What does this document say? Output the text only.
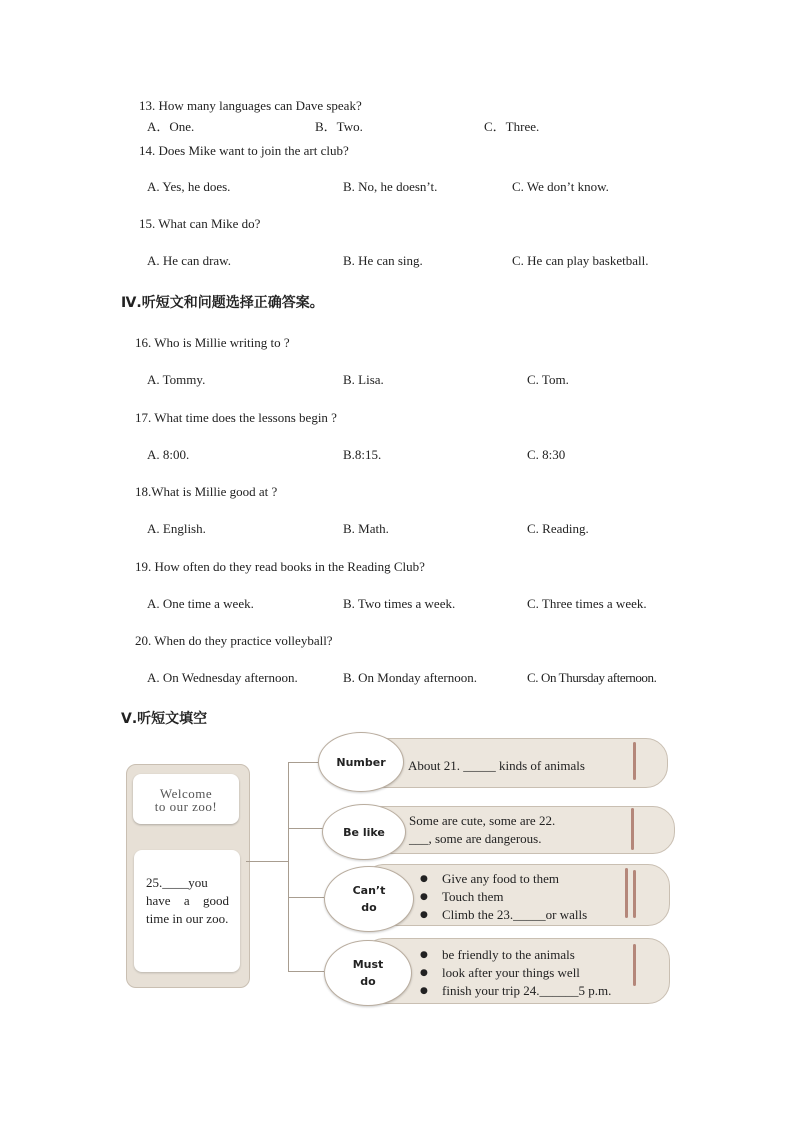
13. How many languages can Dave speak?
A．One.	B．Two.	C．Three.
14. Does Mike want to join the art club?
A. Yes, he does.	B. No, he doesn’t.	C. We don’t know.
15. What can Mike do?
A. He can draw.	B. He can sing.	C. He can play basketball.
Ⅳ.听短文和问题选择正确答案。
16. Who is Millie writing to ?
A. Tommy.	B. Lisa.	C. Tom.
17. What time does the lessons begin ?
A. 8:00.	B.8:15.	C. 8:30
18.What is Millie good at ?
A. English.	B. Math.	C. Reading.
19. How often do they read books in the Reading Club?
A. One time a week.	B. Two times a week.	C. Three times a week.
20. When do they practice volleyball?
A. On Wednesday afternoon.	B. On Monday afternoon.	C. On Thursday afternoon.
Ⅴ.听短文填空
Welcome
to our zoo!
25.____you have a good time in our zoo.
Number	About 21. _____ kinds of animals
Be like
Some are cute, some are 22.
___, some are dangerous.
Can’t
do
● Give any food to them
● Touch them
● Climb the 23._____or walls
Must
do
● be friendly to the animals
● look after your things well
● finish your trip 24.______5 p.m.
